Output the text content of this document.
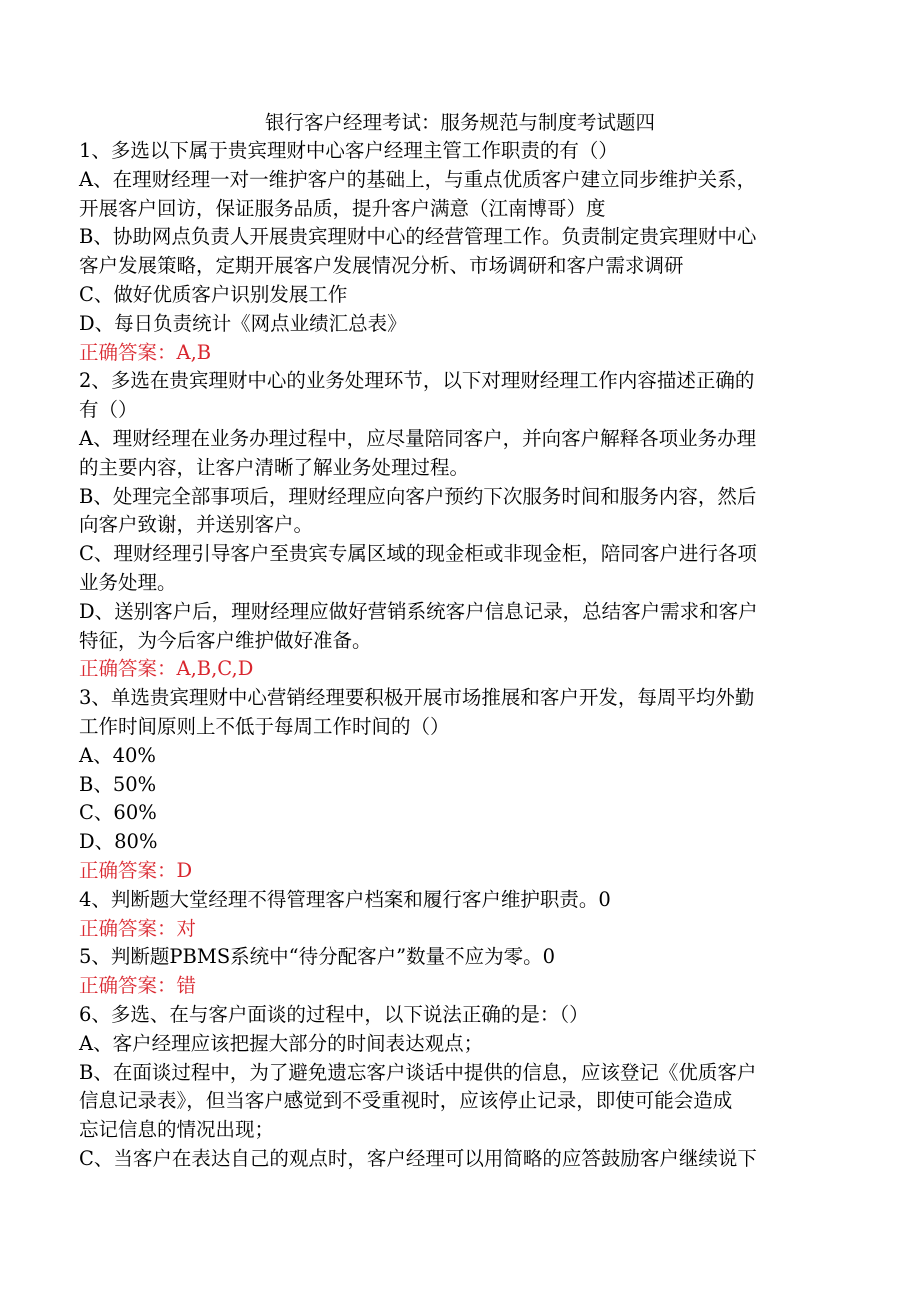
银行客户经理考试：服务规范与制度考试题四
1、多选以下属于贵宾理财中心客户经理主管工作职责的有（）
A、在理财经理一对一维护客户的基础上，与重点优质客户建立同步维护关系，
开展客户回访，保证服务品质，提升客户满意（江南博哥）度
B、协助网点负责人开展贵宾理财中心的经营管理工作。负责制定贵宾理财中心
客户发展策略，定期开展客户发展情况分析、市场调研和客户需求调研
C、做好优质客户识别发展工作
D、每日负责统计《网点业绩汇总表》
正确答案：A,B
2、多选在贵宾理财中心的业务处理环节，以下对理财经理工作内容描述正确的
有（）
A、理财经理在业务办理过程中，应尽量陪同客户，并向客户解释各项业务办理
的主要内容，让客户清晰了解业务处理过程。
B、处理完全部事项后，理财经理应向客户预约下次服务时间和服务内容，然后
向客户致谢，并送别客户。
C、理财经理引导客户至贵宾专属区域的现金柜或非现金柜，陪同客户进行各项
业务处理。
D、送别客户后，理财经理应做好营销系统客户信息记录，总结客户需求和客户
特征，为今后客户维护做好准备。
正确答案：A,B,C,D
3、单选贵宾理财中心营销经理要积极开展市场推展和客户开发，每周平均外勤
工作时间原则上不低于每周工作时间的（）
A、40%
B、50%
C、60%
D、80%
正确答案：D
4、判断题大堂经理不得管理客户档案和履行客户维护职责。0
正确答案：对
5、判断题PBMS系统中“待分配客户”数量不应为零。0
正确答案：错
6、多选、在与客户面谈的过程中，以下说法正确的是：（）
A、客户经理应该把握大部分的时间表达观点；
B、在面谈过程中，为了避免遗忘客户谈话中提供的信息，应该登记《优质客户
信息记录表》，但当客户感觉到不受重视时，应该停止记录，即使可能会造成
忘记信息的情况出现；
C、当客户在表达自己的观点时，客户经理可以用简略的应答鼓励客户继续说下
